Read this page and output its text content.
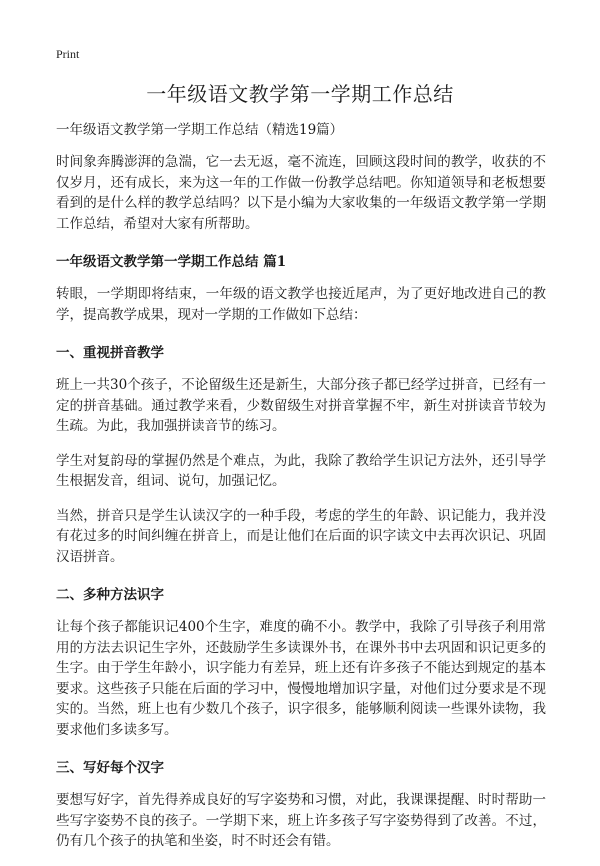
Print
一年级语文教学第一学期工作总结
一年级语文教学第一学期工作总结（精选19篇）

时间象奔腾澎湃的急湍，它一去无返，毫不流连，回顾这段时间的教学，收获的不仅岁月，还有成长，来为这一年的工作做一份教学总结吧。你知道领导和老板想要看到的是什么样的教学总结吗？以下是小编为大家收集的一年级语文教学第一学期工作总结，希望对大家有所帮助。

一年级语文教学第一学期工作总结 篇1

转眼，一学期即将结束，一年级的语文教学也接近尾声，为了更好地改进自己的教学，提高教学成果，现对一学期的工作做如下总结：

一、重视拼音教学

班上一共30个孩子，不论留级生还是新生，大部分孩子都已经学过拼音，已经有一定的拼音基础。通过教学来看，少数留级生对拼音掌握不牢，新生对拼读音节较为生疏。为此，我加强拼读音节的练习。

学生对复韵母的掌握仍然是个难点，为此，我除了教给学生识记方法外，还引导学生根据发音，组词、说句，加强记忆。

当然，拼音只是学生认读汉字的一种手段，考虑的学生的年龄、识记能力，我并没有花过多的时间纠缠在拼音上，而是让他们在后面的识字读文中去再次识记、巩固汉语拼音。

二、多种方法识字

让每个孩子都能识记400个生字，难度的确不小。教学中，我除了引导孩子利用常用的方法去识记生字外，还鼓励学生多读课外书，在课外书中去巩固和识记更多的生字。由于学生年龄小，识字能力有差异，班上还有许多孩子不能达到规定的基本要求。这些孩子只能在后面的学习中，慢慢地增加识字量，对他们过分要求是不现实的。当然，班上也有少数几个孩子，识字很多，能够顺利阅读一些课外读物，我要求他们多读多写。

三、写好每个汉字

要想写好字，首先得养成良好的写字姿势和习惯，对此，我课课提醒、时时帮助一些写字姿势不良的孩子。一学期下来，班上许多孩子写字姿势得到了改善。不过，仍有几个孩子的执笔和坐姿，时不时还会有错。
